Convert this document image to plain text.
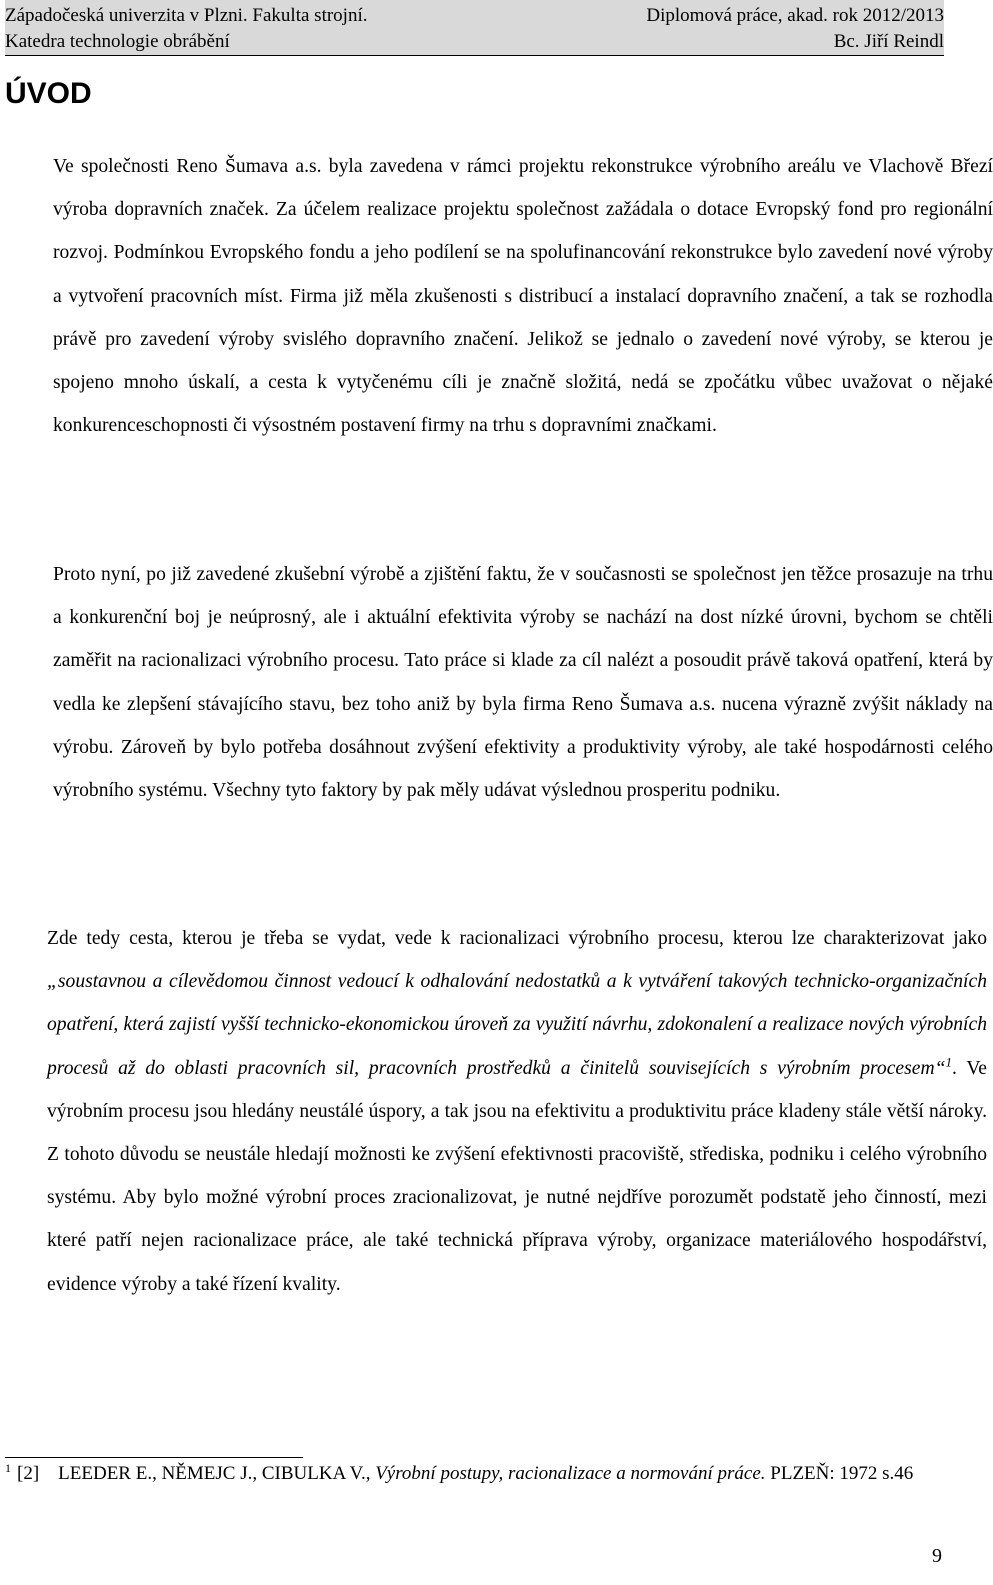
Západočeská univerzita v Plzni. Fakulta strojní.	Diplomová práce, akad. rok 2012/2013
Katedra technologie obrábění	Bc. Jiří Reindl
ÚVOD

Ve společnosti Reno Šumava a.s. byla zavedena v rámci projektu rekonstrukce výrobního areálu ve Vlachově Březí výroba dopravních značek. Za účelem realizace projektu společnost zažádala o dotace Evropský fond pro regionální rozvoj. Podmínkou Evropského fondu a jeho podílení se na spolufinancování rekonstrukce bylo zavedení nové výroby a vytvoření pracovních míst. Firma již měla zkušenosti s distribucí a instalací dopravního značení, a tak se rozhodla právě pro zavedení výroby svislého dopravního značení. Jelikož se jednalo o zavedení nové výroby, se kterou je spojeno mnoho úskalí, a cesta k vytyčenému cíli je značně složitá, nedá se zpočátku vůbec uvažovat o nějaké konkurenceschopnosti či výsostném postavení firmy na trhu s dopravními značkami.

Proto nyní, po již zavedené zkušební výrobě a zjištění faktu, že v současnosti se společnost jen těžce prosazuje na trhu a konkurenční boj je neúprosný, ale i aktuální efektivita výroby se nachází na dost nízké úrovni, bychom se chtěli zaměřit na racionalizaci výrobního procesu. Tato práce si klade za cíl nalézt a posoudit právě taková opatření, která by vedla ke zlepšení stávajícího stavu, bez toho aniž by byla firma Reno Šumava a.s. nucena výrazně zvýšit náklady na výrobu. Zároveň by bylo potřeba dosáhnout zvýšení efektivity a produktivity výroby, ale také hospodárnosti celého výrobního systému. Všechny tyto faktory by pak měly udávat výslednou prosperitu podniku.

Zde tedy cesta, kterou je třeba se vydat, vede k racionalizaci výrobního procesu, kterou lze charakterizovat jako „soustavnou a cílevědomou činnost vedoucí k odhalování nedostatků a k vytváření takových technicko-organizačních opatření, která zajistí vyšší technicko-ekonomickou úroveň za využití návrhu, zdokonalení a realizace nových výrobních procesů až do oblasti pracovních sil, pracovních prostředků a činitelů souvisejících s výrobním procesem“$^1$. Ve výrobním procesu jsou hledány neustálé úspory, a tak jsou na efektivitu a produktivitu práce kladeny stále větší nároky. Z tohoto důvodu se neustále hledají možnosti ke zvýšení efektivnosti pracoviště, střediska, podniku i celého výrobního systému. Aby bylo možné výrobní proces zracionalizovat, je nutné nejdříve porozumět podstatě jeho činností, mezi které patří nejen racionalizace práce, ale také technická příprava výroby, organizace materiálového hospodářství, evidence výroby a také řízení kvality.

$^1$ [2] LEEDER E., NĚMEJC J., CIBULKA V., Výrobní postupy, racionalizace a normování práce. PLZEŇ: 1972 s.46
9
